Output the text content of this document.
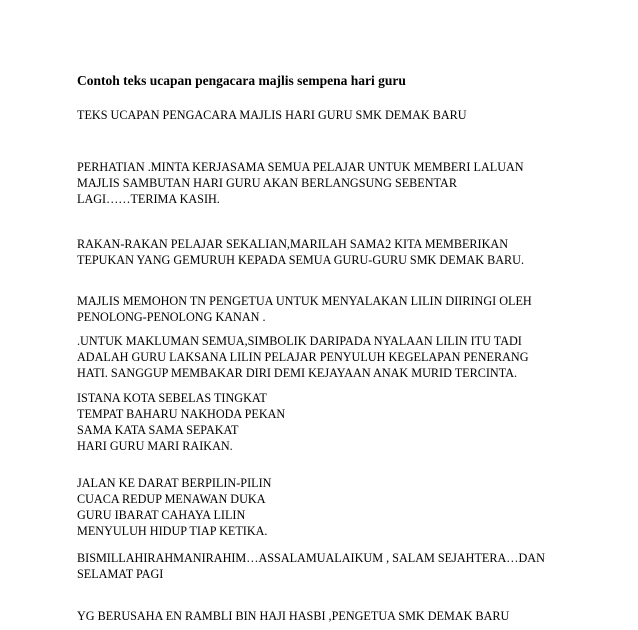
Contoh teks ucapan pengacara majlis sempena hari guru
TEKS UCAPAN PENGACARA MAJLIS HARI GURU SMK DEMAK BARU
PERHATIAN .MINTA KERJASAMA SEMUA PELAJAR UNTUK MEMBERI LALUAN
MAJLIS SAMBUTAN HARI GURU AKAN BERLANGSUNG SEBENTAR
LAGI……TERIMA KASIH.
RAKAN-RAKAN PELAJAR SEKALIAN,MARILAH SAMA2 KITA MEMBERIKAN
TEPUKAN YANG GEMURUH KEPADA SEMUA GURU-GURU SMK DEMAK BARU.
MAJLIS MEMOHON TN PENGETUA UNTUK MENYALAKAN LILIN DIIRINGI OLEH
PENOLONG-PENOLONG KANAN .
.UNTUK MAKLUMAN SEMUA,SIMBOLIK DARIPADA NYALAAN LILIN ITU TADI
ADALAH GURU LAKSANA LILIN PELAJAR PENYULUH KEGELAPAN PENERANG
HATI. SANGGUP MEMBAKAR DIRI DEMI KEJAYAAN ANAK MURID TERCINTA.
ISTANA KOTA SEBELAS TINGKAT
TEMPAT BAHARU NAKHODA PEKAN
SAMA KATA SAMA SEPAKAT
HARI GURU MARI RAIKAN.
JALAN KE DARAT BERPILIN-PILIN
CUACA REDUP MENAWAN DUKA
GURU IBARAT CAHAYA LILIN
MENYULUH HIDUP TIAP KETIKA.
BISMILLAHIRAHMANIRAHIM…ASSALAMUALAIKUM , SALAM SEJAHTERA…DAN
SELAMAT PAGI
YG BERUSAHA EN RAMBLI BIN HAJI HASBI ,PENGETUA SMK DEMAK BARU
